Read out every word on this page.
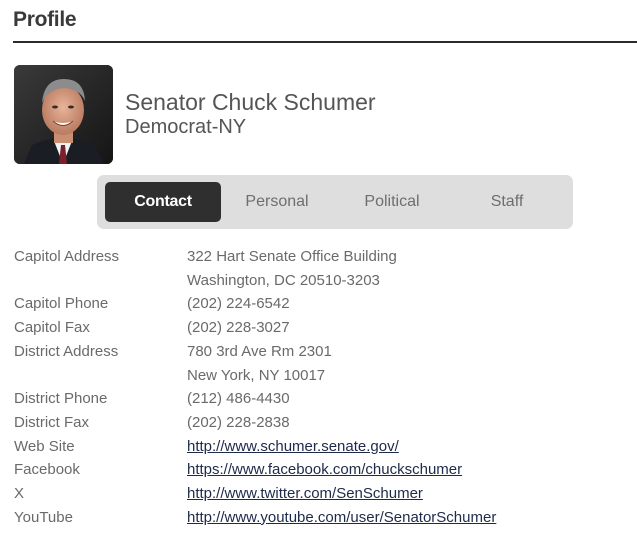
Profile
Senator Chuck Schumer
Democrat-NY
Contact	Personal	Political	Staff
Capitol Address	322 Hart Senate Office Building
Washington, DC 20510-3203
Capitol Phone	(202) 224-6542
Capitol Fax	(202) 228-3027
District Address	780 3rd Ave Rm 2301
New York, NY 10017
District Phone	(212) 486-4430
District Fax	(202) 228-2838
Web Site	http://www.schumer.senate.gov/
Facebook	https://www.facebook.com/chuckschumer
X	http://www.twitter.com/SenSchumer
YouTube	http://www.youtube.com/user/SenatorSchumer
